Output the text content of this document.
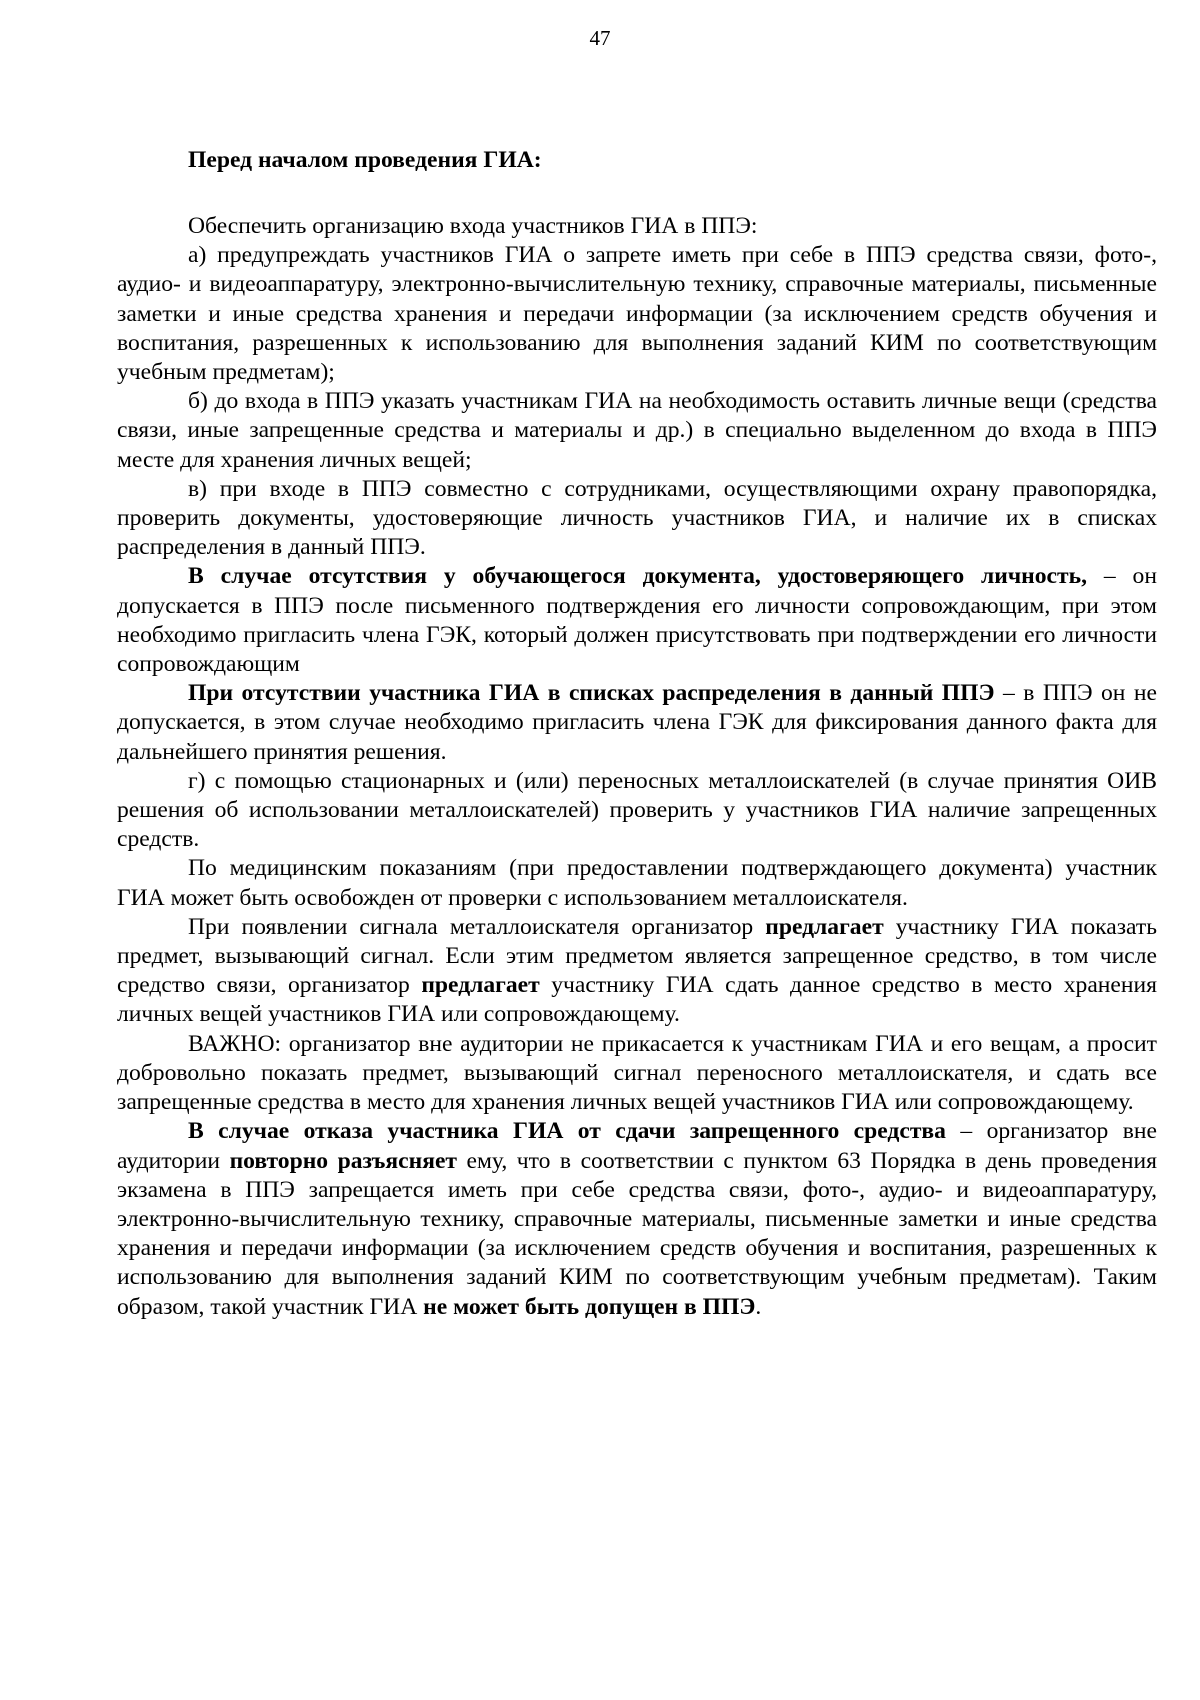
47

Перед началом проведения ГИА:

Обеспечить организацию входа участников ГИА в ППЭ:

а) предупреждать участников ГИА о запрете иметь при себе в ППЭ средства связи, фото-, аудио- и видеоаппаратуру, электронно-вычислительную технику, справочные материалы, письменные заметки и иные средства хранения и передачи информации (за исключением средств обучения и воспитания, разрешенных к использованию для выполнения заданий КИМ по соответствующим учебным предметам);

б) до входа в ППЭ указать участникам ГИА на необходимость оставить личные вещи (средства связи, иные запрещенные средства и материалы и др.) в специально выделенном до входа в ППЭ месте для хранения личных вещей;

в) при входе в ППЭ совместно с сотрудниками, осуществляющими охрану правопорядка, проверить документы, удостоверяющие личность участников ГИА, и наличие их в списках распределения в данный ППЭ.

В случае отсутствия у обучающегося документа, удостоверяющего личность, – он допускается в ППЭ после письменного подтверждения его личности сопровождающим, при этом необходимо пригласить члена ГЭК, который должен присутствовать при подтверждении его личности сопровождающим

При отсутствии участника ГИА в списках распределения в данный ППЭ – в ППЭ он не допускается, в этом случае необходимо пригласить члена ГЭК для фиксирования данного факта для дальнейшего принятия решения.

г) с помощью стационарных и (или) переносных металлоискателей (в случае принятия ОИВ решения об использовании металлоискателей) проверить у участников ГИА наличие запрещенных средств.

По медицинским показаниям (при предоставлении подтверждающего документа) участник ГИА может быть освобожден от проверки с использованием металлоискателя.

При появлении сигнала металлоискателя организатор предлагает участнику ГИА показать предмет, вызывающий сигнал. Если этим предметом является запрещенное средство, в том числе средство связи, организатор предлагает участнику ГИА сдать данное средство в место хранения личных вещей участников ГИА или сопровождающему.

ВАЖНО: организатор вне аудитории не прикасается к участникам ГИА и его вещам, а просит добровольно показать предмет, вызывающий сигнал переносного металлоискателя, и сдать все запрещенные средства в место для хранения личных вещей участников ГИА или сопровождающему.

В случае отказа участника ГИА от сдачи запрещенного средства – организатор вне аудитории повторно разъясняет ему, что в соответствии с пунктом 63 Порядка в день проведения экзамена в ППЭ запрещается иметь при себе средства связи, фото-, аудио- и видеоаппаратуру, электронно-вычислительную технику, справочные материалы, письменные заметки и иные средства хранения и передачи информации (за исключением средств обучения и воспитания, разрешенных к использованию для выполнения заданий КИМ по соответствующим учебным предметам). Таким образом, такой участник ГИА не может быть допущен в ППЭ.
